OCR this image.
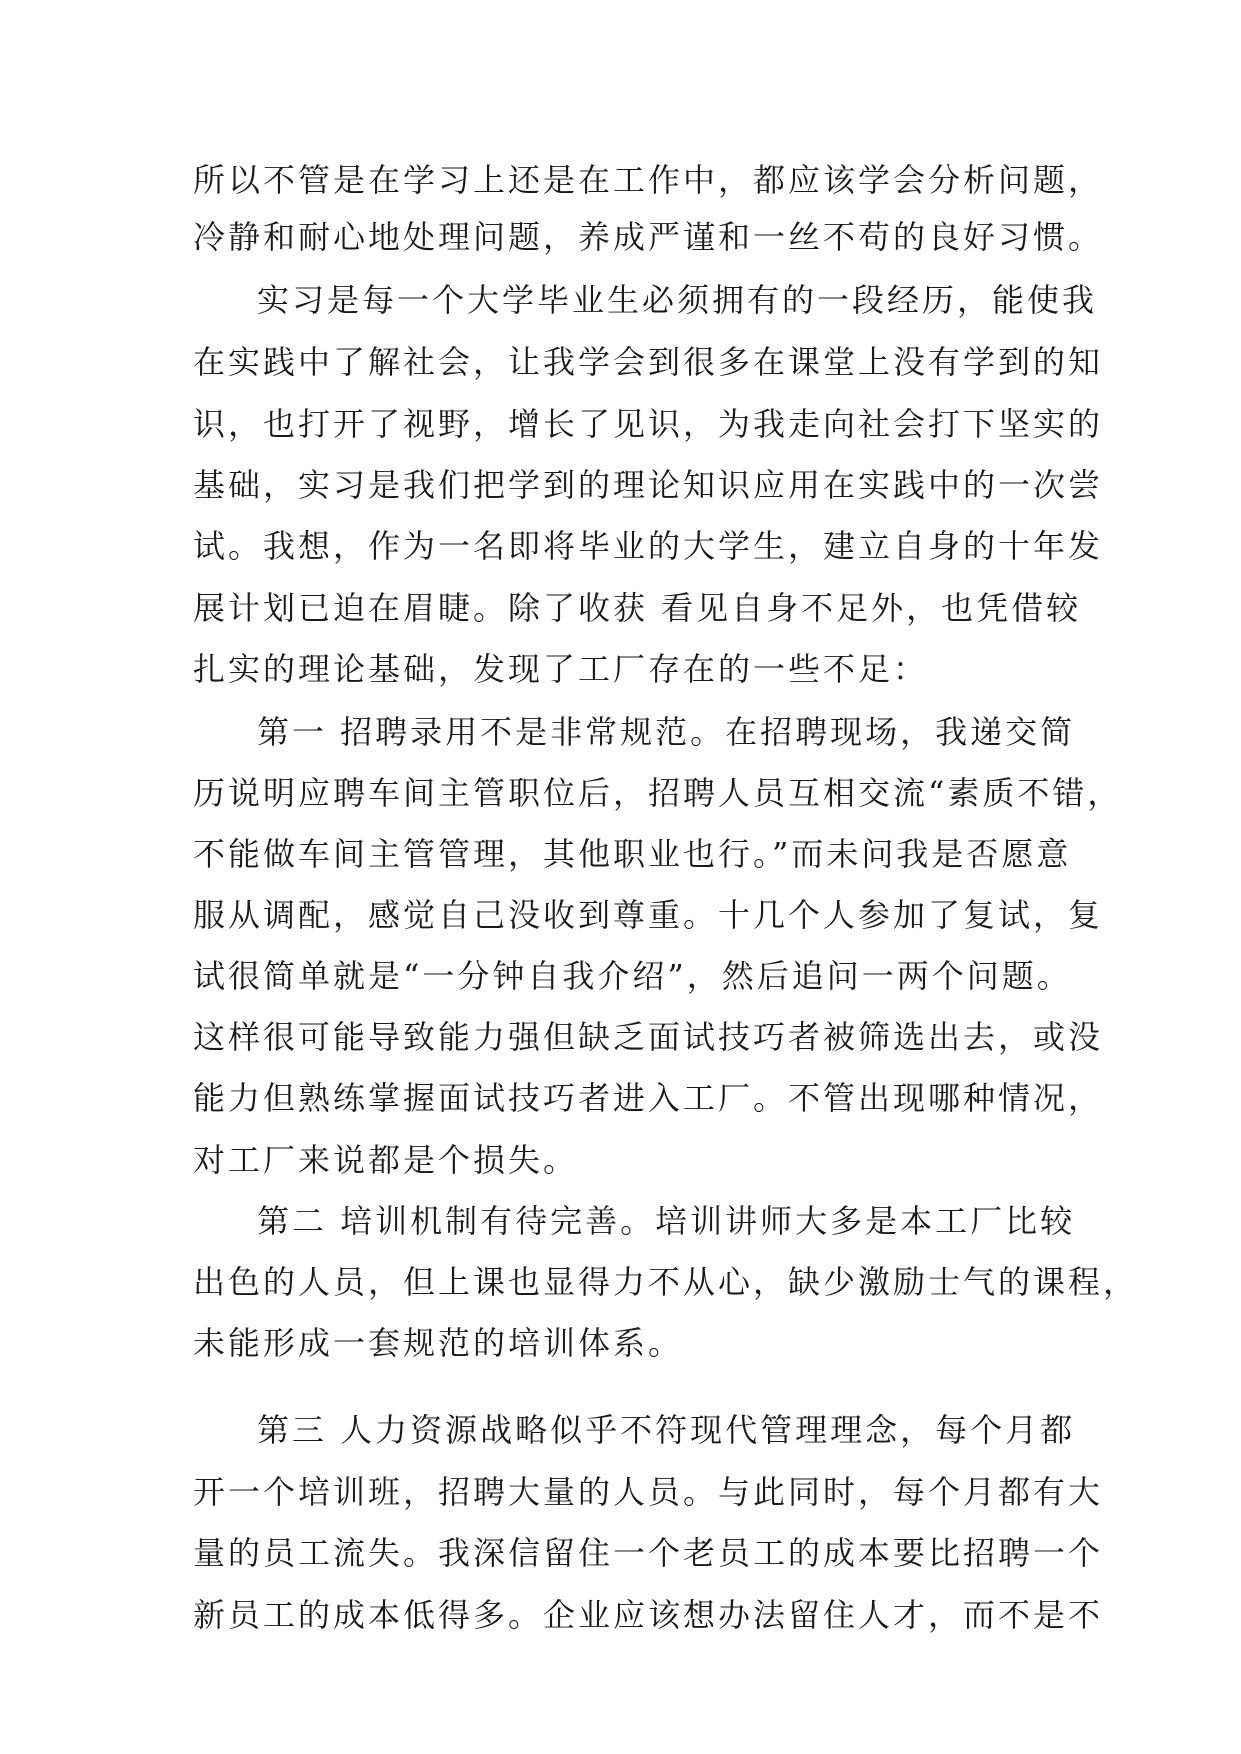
所以不管是在学习上还是在工作中，都应该学会分析问题，
冷静和耐心地处理问题，养成严谨和一丝不苟的良好习惯。
实习是每一个大学毕业生必须拥有的一段经历，能使我
在实践中了解社会，让我学会到很多在课堂上没有学到的知
识，也打开了视野，增长了见识，为我走向社会打下坚实的
基础，实习是我们把学到的理论知识应用在实践中的一次尝
试。我想，作为一名即将毕业的大学生，建立自身的十年发
展计划已迫在眉睫。除了收获 看见自身不足外，也凭借较
扎实的理论基础，发现了工厂存在的一些不足：
第一 招聘录用不是非常规范。在招聘现场，我递交简
历说明应聘车间主管职位后，招聘人员互相交流“素质不错，
不能做车间主管管理，其他职业也行。”而未问我是否愿意
服从调配，感觉自己没收到尊重。十几个人参加了复试，复
试很简单就是“一分钟自我介绍”，然后追问一两个问题。
这样很可能导致能力强但缺乏面试技巧者被筛选出去，或没
能力但熟练掌握面试技巧者进入工厂。不管出现哪种情况，
对工厂来说都是个损失。
第二 培训机制有待完善。培训讲师大多是本工厂比较
出色的人员，但上课也显得力不从心，缺少激励士气的课程，
未能形成一套规范的培训体系。
第三 人力资源战略似乎不符现代管理理念，每个月都
开一个培训班，招聘大量的人员。与此同时，每个月都有大
量的员工流失。我深信留住一个老员工的成本要比招聘一个
新员工的成本低得多。企业应该想办法留住人才，而不是不
